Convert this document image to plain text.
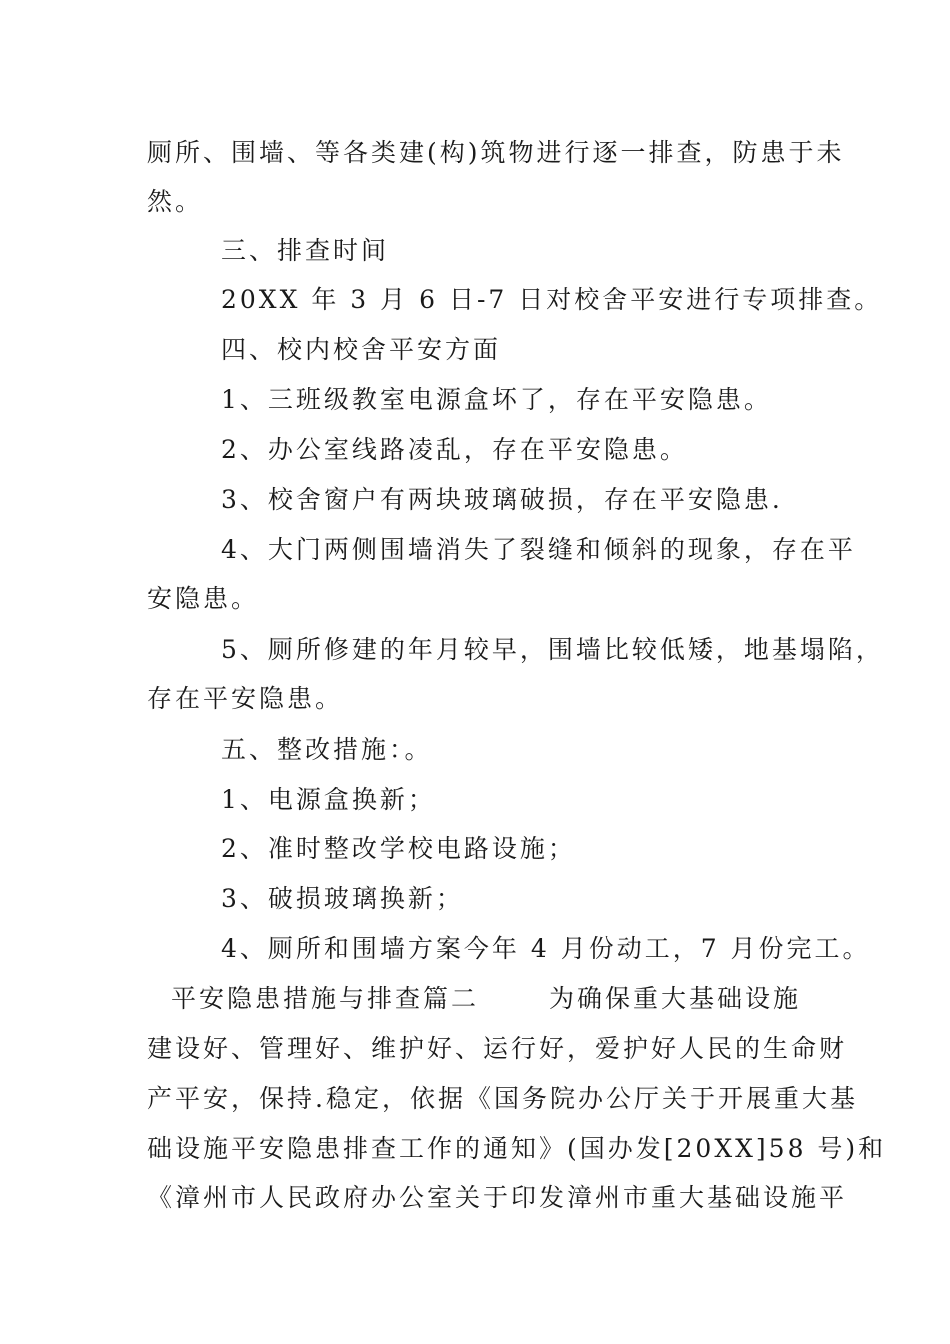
厕所、围墙、等各类建(构)筑物进行逐一排查，防患于未
然。
三、排查时间
20XX 年 3 月 6 日-7 日对校舍平安进行专项排查。
四、校内校舍平安方面
1、三班级教室电源盒坏了，存在平安隐患。
2、办公室线路凌乱，存在平安隐患。
3、校舍窗户有两块玻璃破损，存在平安隐患.
4、大门两侧围墙消失了裂缝和倾斜的现象，存在平
安隐患。
5、厕所修建的年月较早，围墙比较低矮，地基塌陷，
存在平安隐患。
五、整改措施：。
1、电源盒换新；
2、准时整改学校电路设施；
3、破损玻璃换新；
4、厕所和围墙方案今年 4 月份动工，7 月份完工。
平安隐患措施与排查篇二	为确保重大基础设施
建设好、管理好、维护好、运行好，爱护好人民的生命财
产平安，保持.稳定，依据《国务院办公厅关于开展重大基
础设施平安隐患排查工作的通知》(国办发[20XX]58 号)和
《漳州市人民政府办公室关于印发漳州市重大基础设施平
